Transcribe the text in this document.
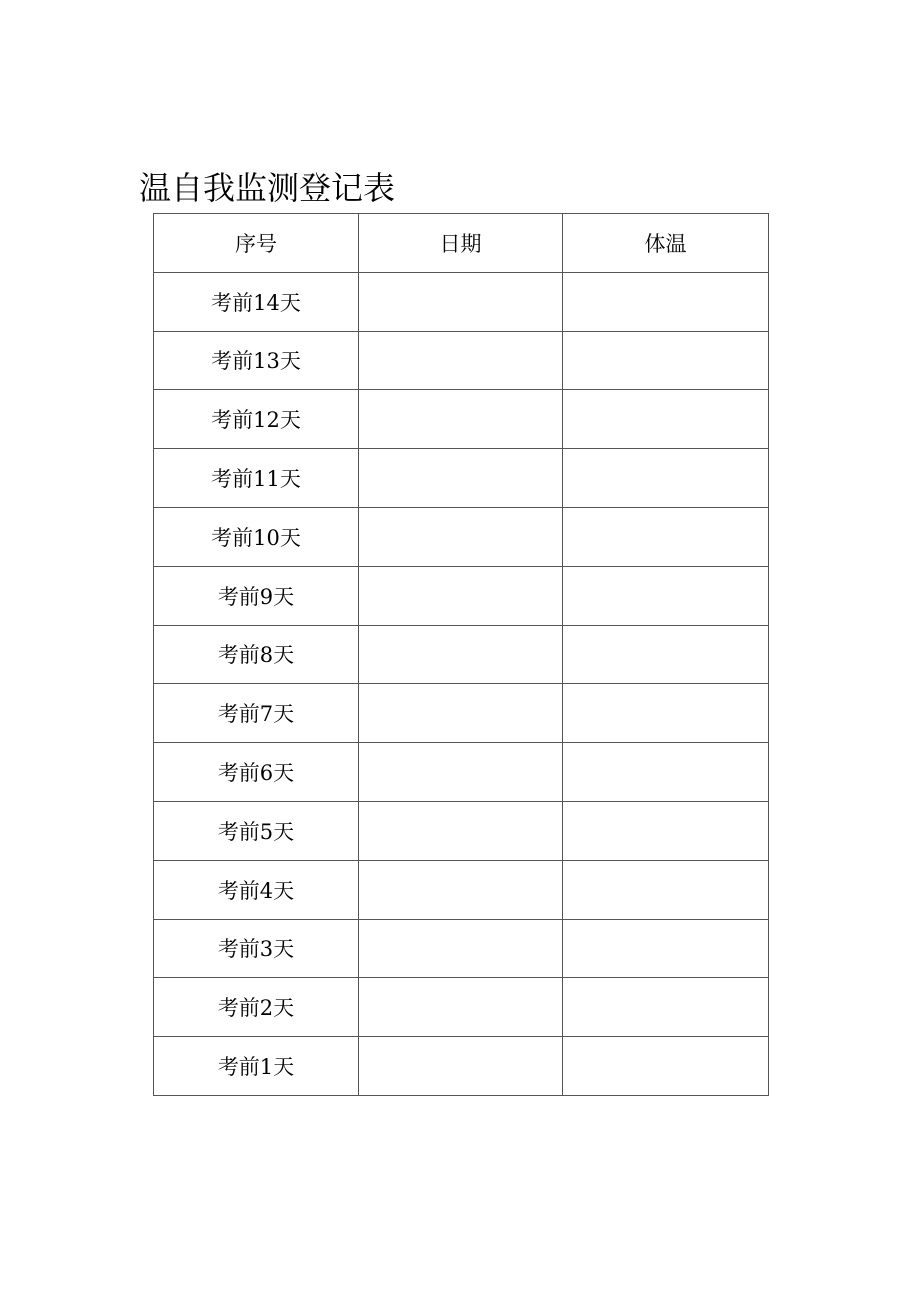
温自我监测登记表
序号	日期	体温
考前14天		
考前13天		
考前12天		
考前11天		
考前10天		
考前9天		
考前8天		
考前7天		
考前6天		
考前5天		
考前4天		
考前3天		
考前2天		
考前1天		
